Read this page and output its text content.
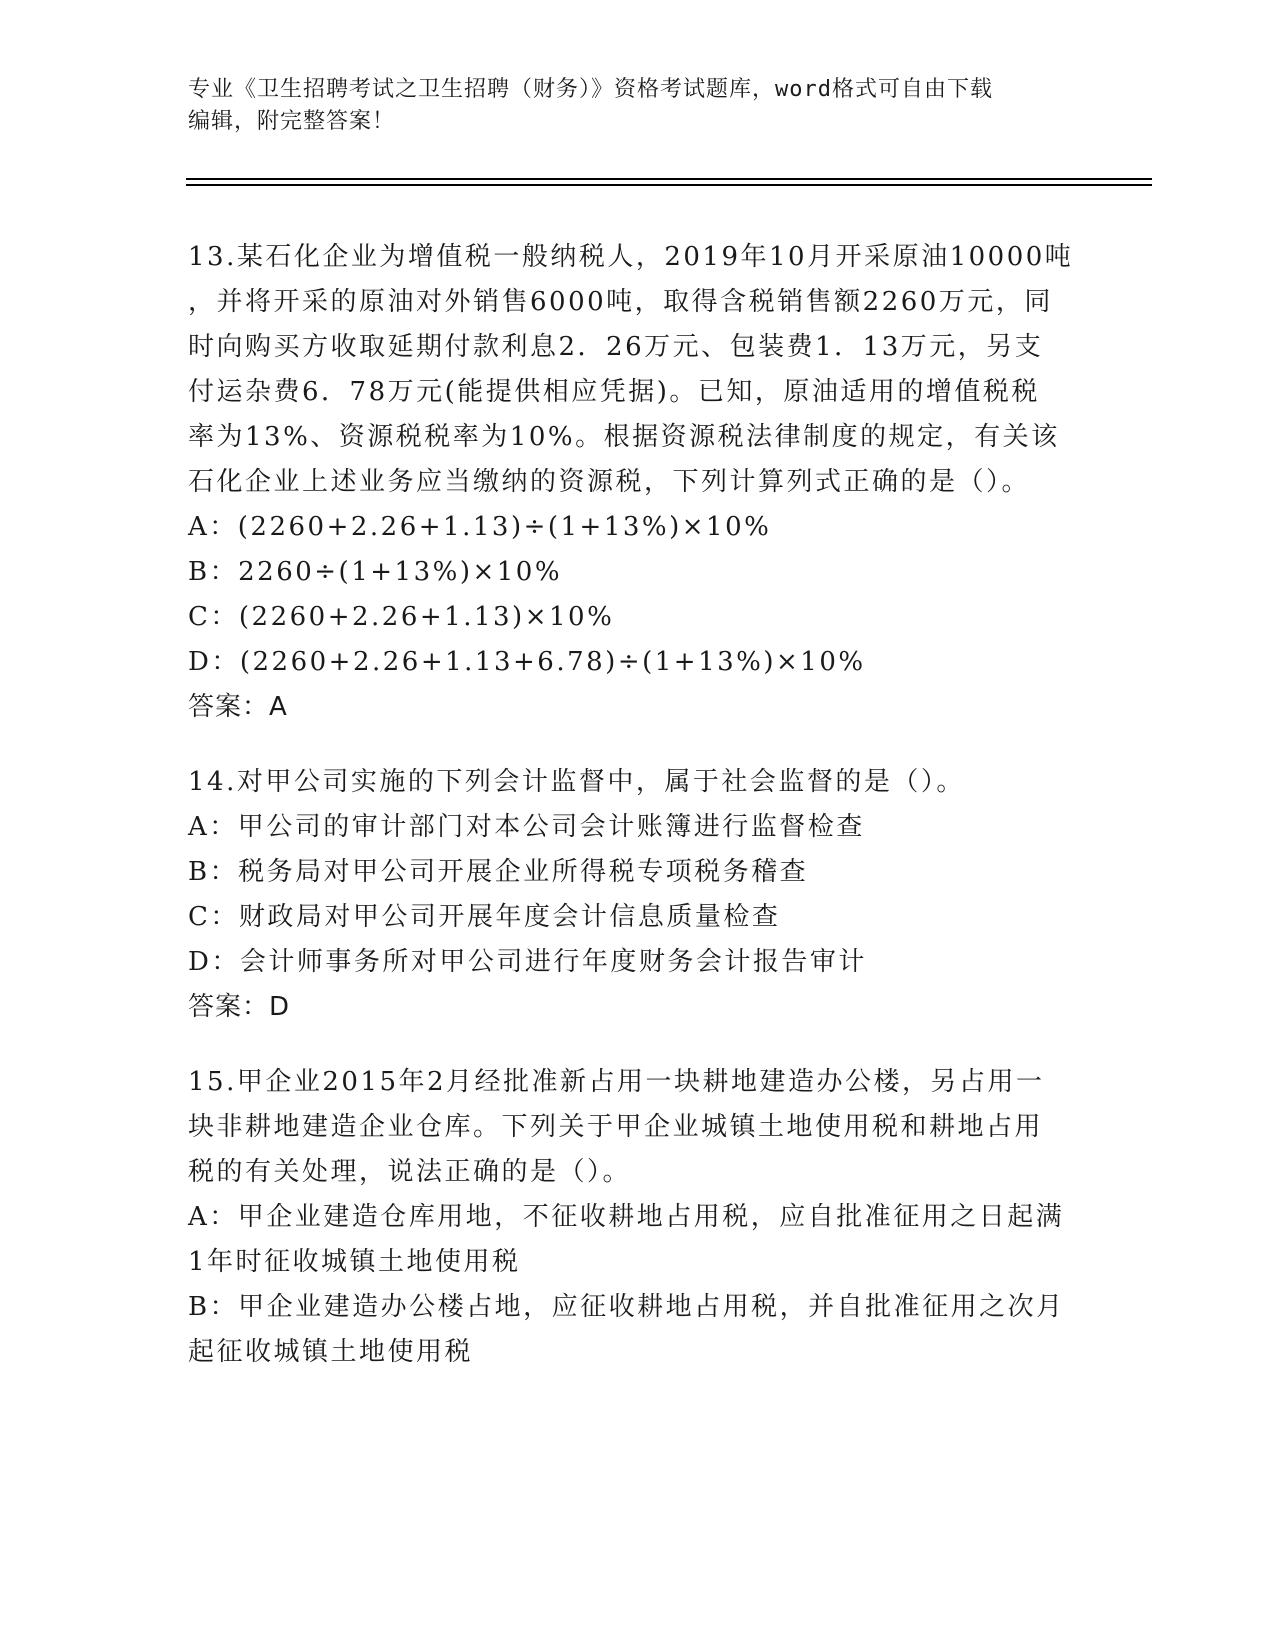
专业《卫生招聘考试之卫生招聘（财务）》资格考试题库，word格式可自由下载
编辑，附完整答案！
13.某石化企业为增值税一般纳税人，2019年10月开采原油10000吨
，并将开采的原油对外销售6000吨，取得含税销售额2260万元，同
时向购买方收取延期付款利息2．26万元、包装费1．13万元，另支
付运杂费6．78万元(能提供相应凭据)。已知，原油适用的增值税税
率为13%、资源税税率为10%。根据资源税法律制度的规定，有关该
石化企业上述业务应当缴纳的资源税，下列计算列式正确的是（）。
A：(2260+2.26+1.13)÷(1+13%)×10%
B：2260÷(1+13%)×10%
C：(2260+2.26+1.13)×10%
D：(2260+2.26+1.13+6.78)÷(1+13%)×10%
答案：A
14.对甲公司实施的下列会计监督中，属于社会监督的是（）。
A：甲公司的审计部门对本公司会计账簿进行监督检查
B：税务局对甲公司开展企业所得税专项税务稽查
C：财政局对甲公司开展年度会计信息质量检查
D：会计师事务所对甲公司进行年度财务会计报告审计
答案：D
15.甲企业2015年2月经批准新占用一块耕地建造办公楼，另占用一
块非耕地建造企业仓库。下列关于甲企业城镇土地使用税和耕地占用
税的有关处理，说法正确的是（）。
A：甲企业建造仓库用地，不征收耕地占用税，应自批准征用之日起满
1年时征收城镇土地使用税
B：甲企业建造办公楼占地，应征收耕地占用税，并自批准征用之次月
起征收城镇土地使用税
